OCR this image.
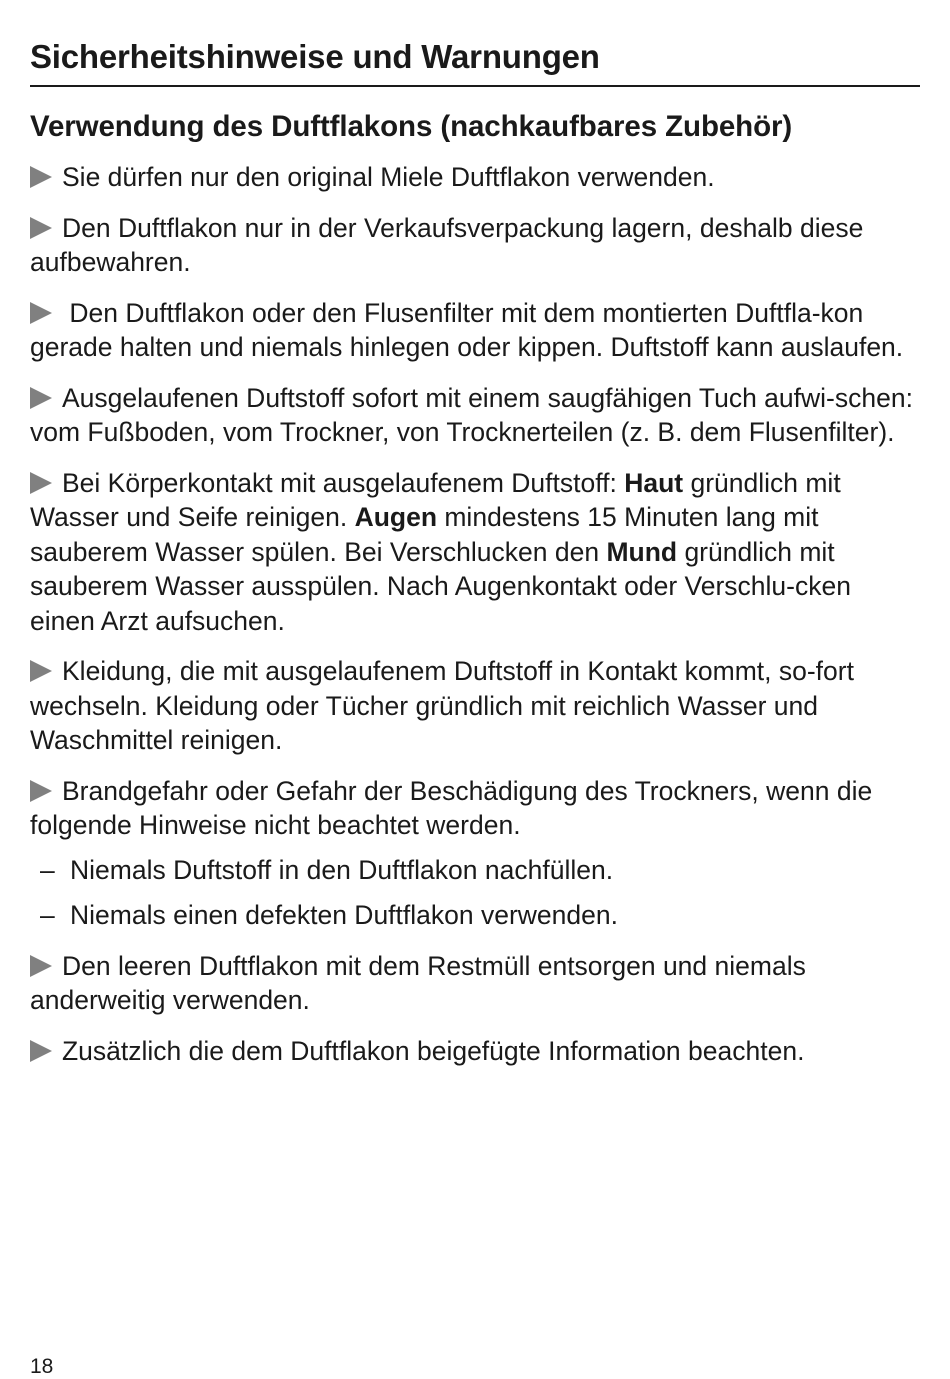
Sicherheitshinweise und Warnungen
Verwendung des Duftflakons (nachkaufbares Zubehör)
Sie dürfen nur den original Miele Duftflakon verwenden.
Den Duftflakon nur in der Verkaufsverpackung lagern, deshalb diese aufbewahren.
Den Duftflakon oder den Flusenfilter mit dem montierten Duftfla-kon gerade halten und niemals hinlegen oder kippen. Duftstoff kann auslaufen.
Ausgelaufenen Duftstoff sofort mit einem saugfähigen Tuch aufwi-schen: vom Fußboden, vom Trockner, von Trocknerteilen (z. B. dem Flusenfilter).
Bei Körperkontakt mit ausgelaufenem Duftstoff: Haut gründlich mit Wasser und Seife reinigen. Augen mindestens 15 Minuten lang mit sauberem Wasser spülen. Bei Verschlucken den Mund gründlich mit sauberem Wasser ausspülen. Nach Augenkontakt oder Verschlu-cken einen Arzt aufsuchen.
Kleidung, die mit ausgelaufenem Duftstoff in Kontakt kommt, so-fort wechseln. Kleidung oder Tücher gründlich mit reichlich Wasser und Waschmittel reinigen.
Brandgefahr oder Gefahr der Beschädigung des Trockners, wenn die folgende Hinweise nicht beachtet werden.
– Niemals Duftstoff in den Duftflakon nachfüllen.
– Niemals einen defekten Duftflakon verwenden.
Den leeren Duftflakon mit dem Restmüll entsorgen und niemals anderweitig verwenden.
Zusätzlich die dem Duftflakon beigefügte Information beachten.
18
